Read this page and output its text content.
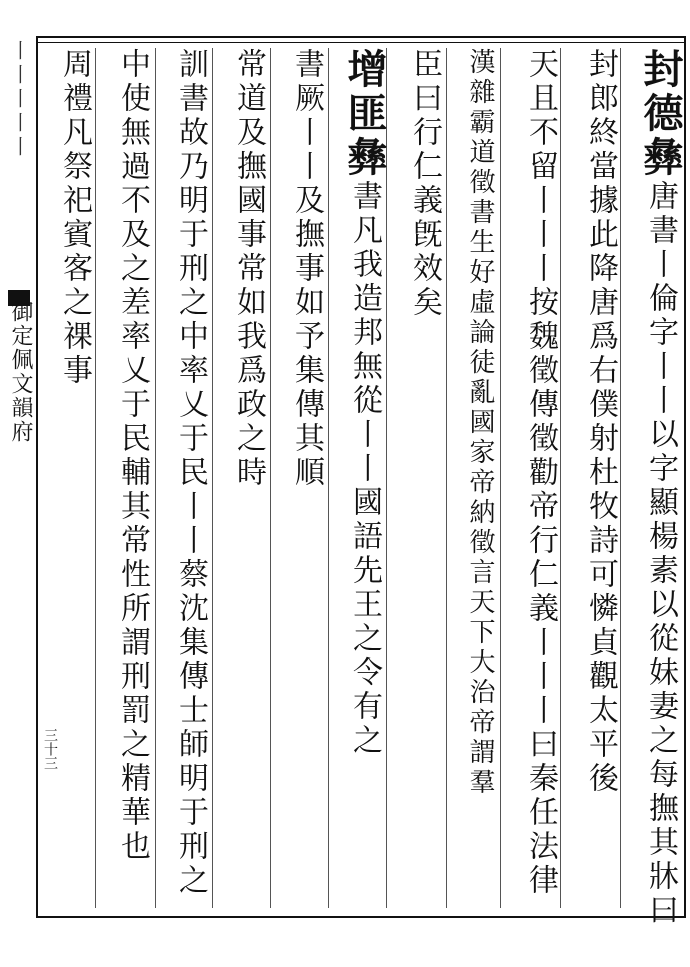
丨丨丨丨丨
御定佩文韻府
三十三
封德彝唐書丨倫字丨丨以字顯楊素以從妹妻之每撫其牀曰
封郎終當據此降唐爲右僕射杜牧詩可憐貞觀太平後
天且不留丨丨丨按魏徵傳徵勸帝行仁義丨丨丨曰秦任法律
漢雜霸道徵書生好虛論徒亂國家帝納徵言天下大治帝謂羣
臣曰行仁義旣效矣
增匪彝書凡我造邦無從丨丨國語先王之令有之
書厥丨丨及撫事如予集傳其順
常道及撫國事常如我爲政之時
訓書故乃明于刑之中率乂于民丨丨蔡沈集傳士師明于刑之
中使無過不及之差率乂于民輔其常性所謂刑罰之精華也
周禮凡祭祀賓客之祼事
